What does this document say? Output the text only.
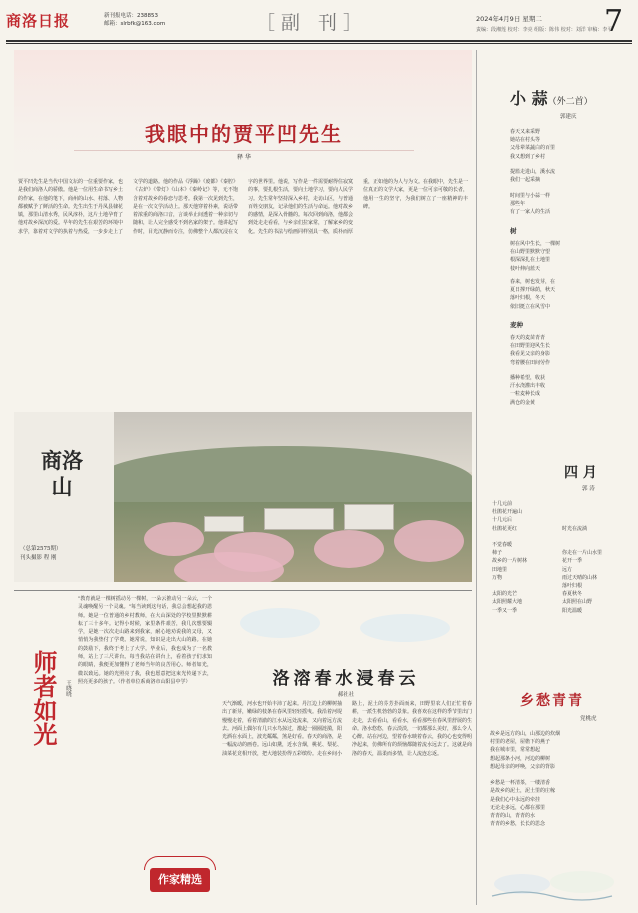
商洛日报	新刊报电话：238853
邮箱：slrbfk@163.com	［副 刊］	2024年4月9日 星期二
责编：段湘莲 校对：李亮 组版：陈伟 校对：刘洋 审稿：李平
7
我眼中的贾平凹先生
释 华
贾平凹先生是当代中国文坛的一位重要作家，也是我们商洛人的骄傲。他是一位用生命书写乡土的作家，在他的笔下，商州的山水、村落、人物都被赋予了鲜活的生命。先生出生于丹凤县棣花镇，那里山清水秀，民风淳朴，这片土地孕育了他对故乡深沉的爱。早年的先生在艰苦的环境中求学，靠着对文学的执着与热爱，一步步走上了文学的道路。他的作品《浮躁》《废都》《秦腔》《古炉》《带灯》《山本》《秦岭记》等，无不饱含着对故乡的眷恋与思考。我第一次见到先生，是在一次文学活动上。那天他穿着朴素，说话带着浓重的商洛口音，言谈举止间透着一种亲切与随和，让人完全感受不到名家的架子。他讲起写作时，目光沉静而专注，仿佛整个人都沉浸在文字的世界里。他说，写作是一件需要耐得住寂寞的事，要扎根生活，要向土地学习，要向人民学习。先生常年坚持深入乡村，走访山区，与普通百姓交朋友，记录他们的生活与命运。他对故乡的感情，是深入骨髓的。每次回到商洛，他都会到处走走看看，与乡亲们拉家常，了解家乡的变化。先生的书法与绘画同样别具一格，质朴而厚重，正如他的为人与为文。在我眼中，先生是一位真正的文学大家，更是一位可亲可敬的长者，他用一生的坚守，为我们树立了一座精神的丰碑。
商洛山
（总第2575期）
刊头摄影 程 刚
师者如光	王晓晓
"教育就是一棵树摇动另一棵树，一朵云推动另一朵云，一个灵魂唤醒另一个灵魂。"每当读到这句话，我总会想起我的恩师。她是一位普通的乡村教师，在大山深处的学校里默默耕耘了三十多年。记得小时候，家里条件艰苦，我几次想要辍学，是她一次次走山路来到我家，耐心地劝说我的父母，又悄悄为我垫付了学费。她常说，知识是走出大山的路。在她的鼓励下，我终于考上了大学。毕业后，我也成为了一名教师，站上了三尺讲台。每当我站在讲台上，看着孩子们求知的眼睛，我便更加懂得了老师当年的良苦用心。师者如光，微以致远。她的光照亮了我，我也愿意把这束光传递下去，照亮更多的孩子。（作者单位系商洛市山阳县中学）
作家精选
洛溶春水浸春云
郝社社
天气渐暖，河水也开始丰沛了起来。丹江边上的柳树抽出了新芽，嫩绿的枝条在春风里轻轻摇曳。我沿着河堤慢慢走着，看着清澈的江水从远处流来，又向着远方流去。河面上偶尔有几只水鸟掠过，激起一圈圈涟漪，阳光洒在水面上，波光粼粼，煞是好看。春天的商洛，是一幅流动的画卷。远山如黛，近水含烟，桃花、梨花、油菜花竞相开放，把大地装扮得五彩缤纷。走在乡间小路上，泥土的芬芳扑面而来，田野里农人们正忙着春耕，一派生机勃勃的景象。我喜欢在这样的季节里出门走走，去看看山，看看水，看看那些在春风里舒展的生命。洛水悠悠，春云淡淡，一切都那么美好，那么令人心醉。站在河边，望着春水映着春云，我的心也变得明净起来，仿佛所有的烦恼都随着流水远去了。这就是商洛的春天，温柔而多情，让人流连忘返。
小 蒜（外二首）
郭建庆
春天又来采野
她站在村头等
父母辈菜蔬白的百里
我又想到了乡村
提篮走进山，溪水流
我们一起采摘
时间里与小蒜一样
那些年
有了一家人的生活
树
树在风中生长，一棵树
在山野里默默守望
根深深扎在土地里
枝叶伸向蓝天
春来，树也发芽，在
夏日撑开绿荫，秋天
落叶归根，冬天
依旧挺立在风雪中
麦种
春天的麦苗青青
在田野里迎风生长
我看见父亲的身影
弯着腰在田间劳作
播种希望，收获
汗水浇灌出丰收
一粒麦种长成
满仓的金黄
四 月
郭 涛
十几元前
杜鹃花开遍山
十几元后
杜鹃花更红

不觉春暖
柿子
故乡的一片树林
田地里
万物

太阳的光芒
太阳照耀大地
一季又一季

时光在流淌

你走在一片山水里
花开一季
远方
雨过天晴的山林
落叶归根
春夏秋冬
太阳照在山野
阳光温暖
乡愁青青
党桃虎
故乡是远方的山，山那边的炊烟
村里的老屋，屋檐下的燕子
我在城市里，常常想起
想起那条小河，河边的柳树
想起母亲的呼唤，父亲的背影

乡愁是一杯清茶，一缕清香
是故乡的泥土，泥土里的庄稼
是我们心中永远的牵挂
无论走多远，心都在那里
青青的山，青青的水
青青的乡愁，长长的思念
